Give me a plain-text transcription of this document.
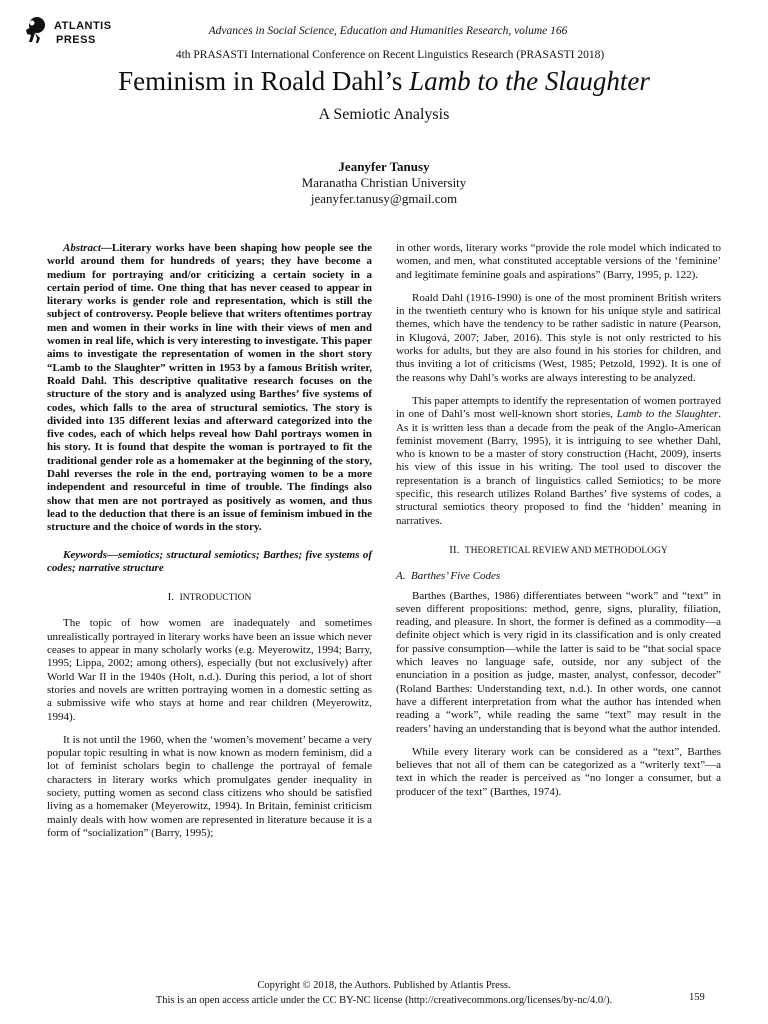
ATLANTIS
PRESS
Advances in Social Science, Education and Humanities Research, volume 166
4th PRASASTI International Conference on Recent Linguistics Research (PRASASTI 2018)
Feminism in Roald Dahl’s Lamb to the Slaughter
A Semiotic Analysis
Jeanyfer Tanusy
Maranatha Christian University
jeanyfer.tanusy@gmail.com

Abstract—Literary works have been shaping how people see the world around them for hundreds of years; they have become a medium for portraying and/or criticizing a certain society in a certain period of time. One thing that has never ceased to appear in literary works is gender role and representation, which is still the subject of controversy. People believe that writers oftentimes portray men and women in their works in line with their views of men and women in real life, which is very interesting to investigate. This paper aims to investigate the representation of women in the short story “Lamb to the Slaughter” written in 1953 by a famous British writer, Roald Dahl. This descriptive qualitative research focuses on the structure of the story and is analyzed using Barthes’ five systems of codes, which falls to the area of structural semiotics. The story is divided into 135 different lexias and afterward categorized into the five codes, each of which helps reveal how Dahl portrays women in his story. It is found that despite the woman is portrayed to fit the traditional gender role as a homemaker at the beginning of the story, Dahl reverses the role in the end, portraying women to be a more independent and resourceful in time of trouble. The findings also show that men are not portrayed as positively as women, and thus lead to the deduction that there is an issue of feminism imbued in the structure and the choice of words in the story.

Keywords—semiotics; structural semiotics; Barthes; five systems of codes; narrative structure

I. INTRODUCTION

The topic of how women are inadequately and sometimes unrealistically portrayed in literary works have been an issue which never ceases to appear in many scholarly works (e.g. Meyerowitz, 1994; Barry, 1995; Lippa, 2002; among others), especially (but not exclusively) after World War II in the 1940s (Holt, n.d.). During this period, a lot of short stories and novels are written portraying women in a domestic setting as a submissive wife who stays at home and rear children (Meyerowitz, 1994).

It is not until the 1960, when the ‘women’s movement’ became a very popular topic resulting in what is now known as modern feminism, did a lot of feminist scholars begin to challenge the portrayal of female characters in literary works which promulgates gender inequality in society, putting women as second class citizens who should be satisfied living as a homemaker (Meyerowitz, 1994). In Britain, feminist criticism mainly deals with how women are represented in literature because it is a form of “socialization” (Barry, 1995);

in other words, literary works “provide the role model which indicated to women, and men, what constituted acceptable versions of the ‘feminine’ and legitimate feminine goals and aspirations” (Barry, 1995, p. 122).

Roald Dahl (1916-1990) is one of the most prominent British writers in the twentieth century who is known for his unique style and satirical themes, which have the tendency to be rather sadistic in nature (Pearson, in Klugová, 2007; Jaber, 2016). This style is not only restricted to his works for adults, but they are also found in his stories for children, and thus inviting a lot of criticisms (West, 1985; Petzold, 1992). It is one of the reasons why Dahl’s works are always interesting to be analyzed.

This paper attempts to identify the representation of women portrayed in one of Dahl’s most well-known short stories, Lamb to the Slaughter. As it is written less than a decade from the peak of the Anglo-American feminist movement (Barry, 1995), it is intriguing to see whether Dahl, who is known to be a master of story construction (Hacht, 2009), inserts his view of this issue in his writing. The tool used to discover the representation is a branch of linguistics called Semiotics; to be more specific, this research utilizes Roland Barthes’ five systems of codes, a structural semiotics theory proposed to find the ‘hidden’ meaning in narratives.

II. THEORETICAL REVIEW AND METHODOLOGY
A. Barthes’ Five Codes

Barthes (Barthes, 1986) differentiates between “work” and “text” in seven different propositions: method, genre, signs, plurality, filiation, reading, and pleasure. In short, the former is defined as a commodity—a definite object which is very rigid in its classification and is only created for passive consumption—while the latter is said to be “that social space which leaves no language safe, outside, nor any subject of the enunciation in a position as judge, master, analyst, confessor, decoder” (Roland Barthes: Understanding text, n.d.). In other words, one cannot have a different interpretation from what the author has intended when reading a “work”, while reading the same “text” may result in the readers’ having an understanding that is beyond what the author intended.

While every literary work can be considered as a “text”, Barthes believes that not all of them can be categorized as a “writerly text”—a text in which the reader is perceived as “no longer a consumer, but a producer of the text” (Barthes, 1974).

Copyright © 2018, the Authors. Published by Atlantis Press.
This is an open access article under the CC BY-NC license (http://creativecommons.org/licenses/by-nc/4.0/).	159
